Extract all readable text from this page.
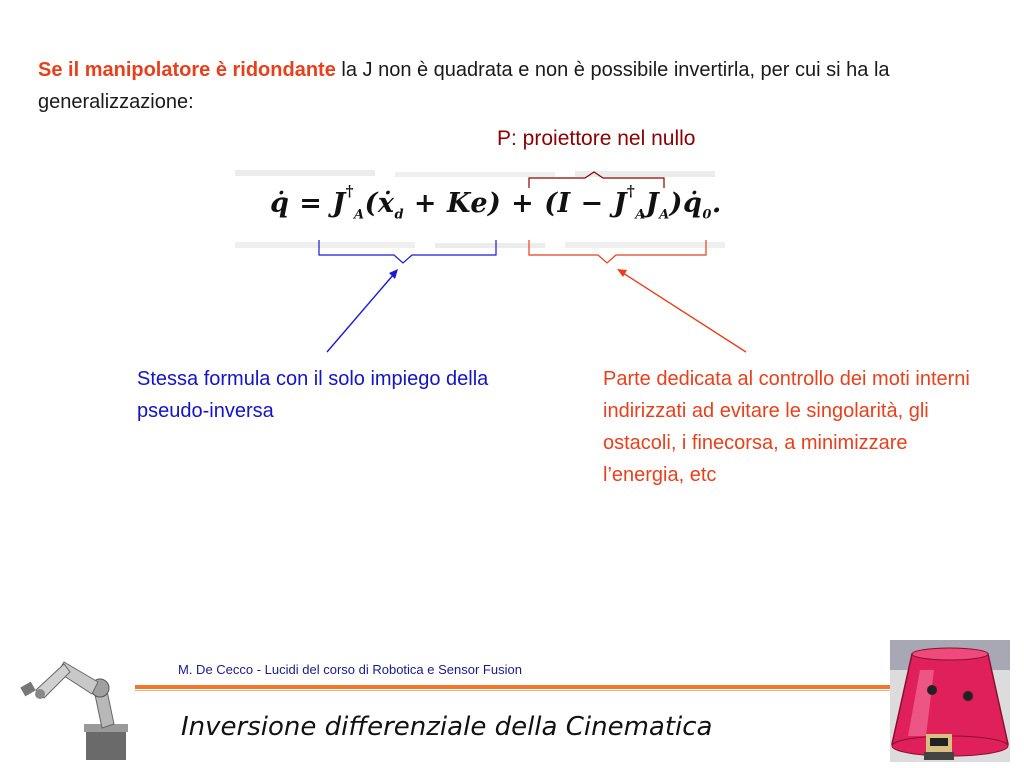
Se il manipolatore è ridondante la J non è quadrata e non è possibile invertirla, per cui si ha la generalizzazione:
P: proiettore nel nullo
q̇ = $J^\dagger_A(ẋ_d + Ke) + (I$ − $J^\dagger_AJ_A)q̇_0$.
Stessa formula con il solo impiego della pseudo-inversa
Parte dedicata al controllo dei moti interni indirizzati ad evitare le singolarità, gli ostacoli, i finecorsa, a minimizzare l’energia, etc
M. De Cecco - Lucidi del corso di Robotica e Sensor Fusion
Inversione differenziale della Cinematica
